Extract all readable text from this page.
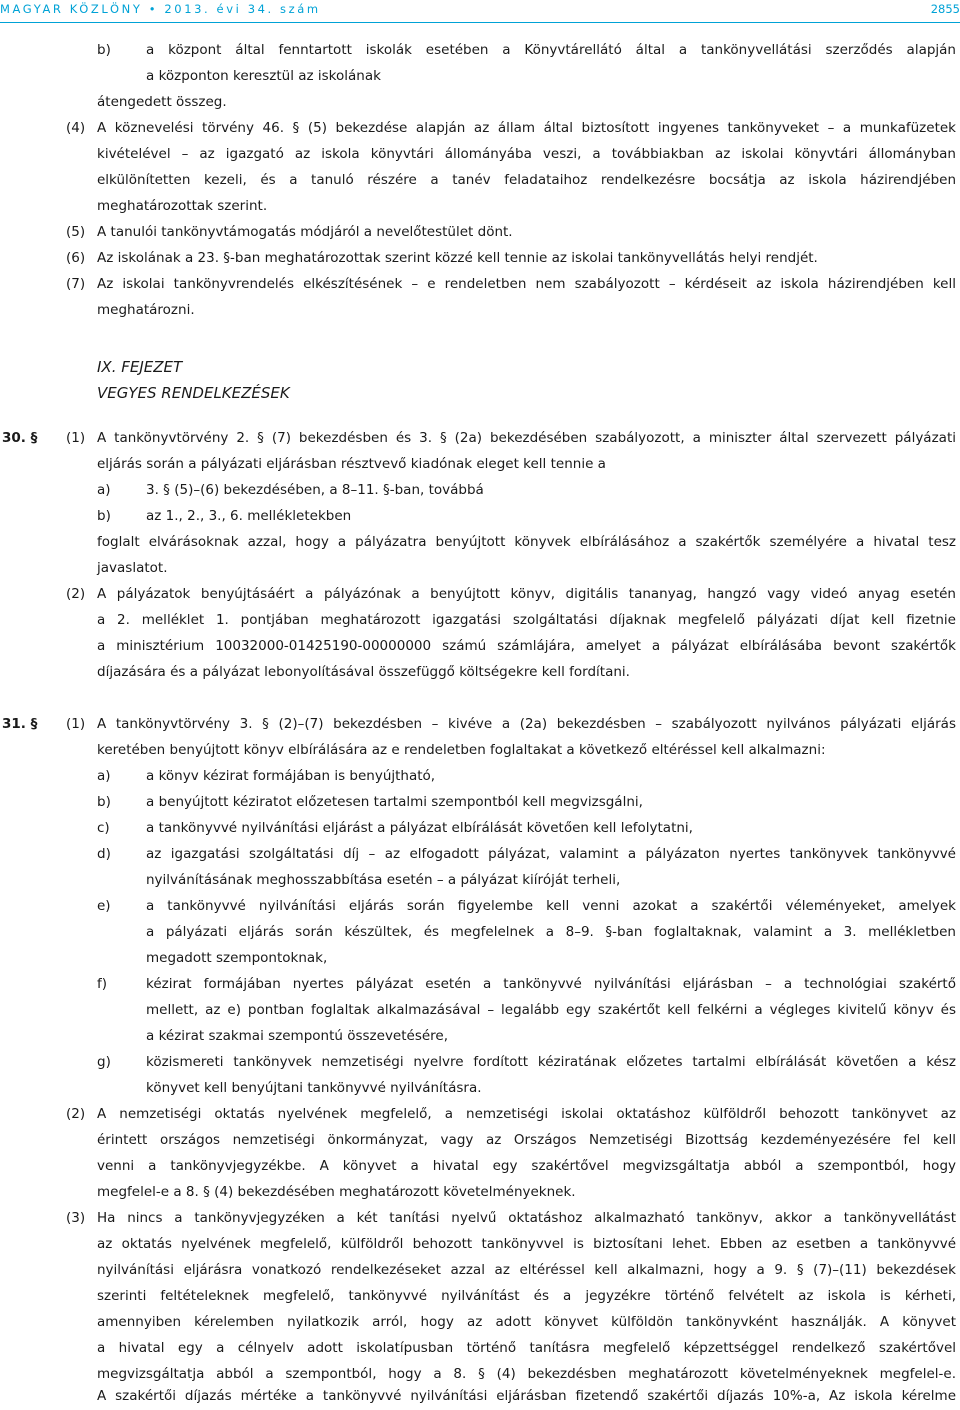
MAGYAR KÖZLÖNY • 2013. évi 34. szám	2855
b)	a központ által fenntartott iskolák esetében a Könyvtárellátó által a tankönyvellátási szerződés alapján
a központon keresztül az iskolának
átengedett összeg.
(4) A köznevelési törvény 46. § (5) bekezdése alapján az állam által biztosított ingyenes tankönyveket – a munkafüzetek
kivételével – az igazgató az iskola könyvtári állományába veszi, a továbbiakban az iskolai könyvtári állományban
elkülönítetten kezeli, és a tanuló részére a tanév feladataihoz rendelkezésre bocsátja az iskola házirendjében
meghatározottak szerint.
(5) A tanulói tankönyvtámogatás módjáról a nevelőtestület dönt.
(6) Az iskolának a 23. §-ban meghatározottak szerint közzé kell tennie az iskolai tankönyvellátás helyi rendjét.
(7) Az iskolai tankönyvrendelés elkészítésének – e rendeletben nem szabályozott – kérdéseit az iskola házirendjében kell
meghatározni.
IX. FEJEZET
VEGYES RENDELKEZÉSEK
30. § (1) A tankönyvtörvény 2. § (7) bekezdésben és 3. § (2a) bekezdésében szabályozott, a miniszter által szervezett pályázati
eljárás során a pályázati eljárásban résztvevő kiadónak eleget kell tennie a
a)	3. § (5)–(6) bekezdésében, a 8–11. §-ban, továbbá
b)	az 1., 2., 3., 6. mellékletekben
foglalt elvárásoknak azzal, hogy a pályázatra benyújtott könyvek elbírálásához a szakértők személyére a hivatal tesz
javaslatot.
(2) A pályázatok benyújtásáért a pályázónak a benyújtott könyv, digitális tananyag, hangzó vagy videó anyag esetén
a 2. melléklet 1. pontjában meghatározott igazgatási szolgáltatási díjaknak megfelelő pályázati díjat kell fizetnie
a minisztérium 10032000-01425190-00000000 számú számlájára, amelyet a pályázat elbírálásába bevont szakértők
díjazására és a pályázat lebonyolításával összefüggő költségekre kell fordítani.
31. § (1) A tankönyvtörvény 3. § (2)–(7) bekezdésben – kivéve a (2a) bekezdésben – szabályozott nyilvános pályázati eljárás
keretében benyújtott könyv elbírálására az e rendeletben foglaltakat a következő eltéréssel kell alkalmazni:
a)	a könyv kézirat formájában is benyújtható,
b)	a benyújtott kéziratot előzetesen tartalmi szempontból kell megvizsgálni,
c)	a tankönyvvé nyilvánítási eljárást a pályázat elbírálását követően kell lefolytatni,
d)	az igazgatási szolgáltatási díj – az elfogadott pályázat, valamint a pályázaton nyertes tankönyvek tankönyvvé
nyilvánításának meghosszabbítása esetén – a pályázat kiíróját terheli,
e)	a tankönyvvé nyilvánítási eljárás során figyelembe kell venni azokat a szakértői véleményeket, amelyek
a pályázati eljárás során készültek, és megfelelnek a 8–9. §-ban foglaltaknak, valamint a 3. mellékletben
megadott szempontoknak,
f)	kézirat formájában nyertes pályázat esetén a tankönyvvé nyilvánítási eljárásban – a technológiai szakértő
mellett, az e) pontban foglaltak alkalmazásával – legalább egy szakértőt kell felkérni a végleges kivitelű könyv és
a kézirat szakmai szempontú összevetésére,
g)	közismereti tankönyvek nemzetiségi nyelvre fordított kéziratának előzetes tartalmi elbírálását követően a kész
könyvet kell benyújtani tankönyvvé nyilvánításra.
(2) A nemzetiségi oktatás nyelvének megfelelő, a nemzetiségi iskolai oktatáshoz külföldről behozott tankönyvet az
érintett országos nemzetiségi önkormányzat, vagy az Országos Nemzetiségi Bizottság kezdeményezésére fel kell
venni a tankönyvjegyzékbe. A könyvet a hivatal egy szakértővel megvizsgáltatja abból a szempontból, hogy
megfelel-e a 8. § (4) bekezdésében meghatározott követelményeknek.
(3) Ha nincs a tankönyvjegyzéken a két tanítási nyelvű oktatáshoz alkalmazható tankönyv, akkor a tankönyvellátást
az oktatás nyelvének megfelelő, külföldről behozott tankönyvvel is biztosítani lehet. Ebben az esetben a tankönyvvé
nyilvánítási eljárásra vonatkozó rendelkezéseket azzal az eltéréssel kell alkalmazni, hogy a 9. § (7)–(11) bekezdések
szerinti feltételeknek megfelelő, tankönyvvé nyilvánítást és a jegyzékre történő felvételt az iskola is kérheti,
amennyiben kérelemben nyilatkozik arról, hogy az adott könyvet külföldön tankönyvként használják. A könyvet
a hivatal egy a célnyelv adott iskolatípusban történő tanításra megfelelő képzettséggel rendelkező szakértővel
megvizsgáltatja abból a szempontból, hogy a 8. § (4) bekezdésben meghatározott követelményeknek megfelel-e.
A szakértői díjazás mértéke a tankönyvvé nyilvánítási eljárásban fizetendő szakértői díjazás 10%-a, Az iskola kérelme
